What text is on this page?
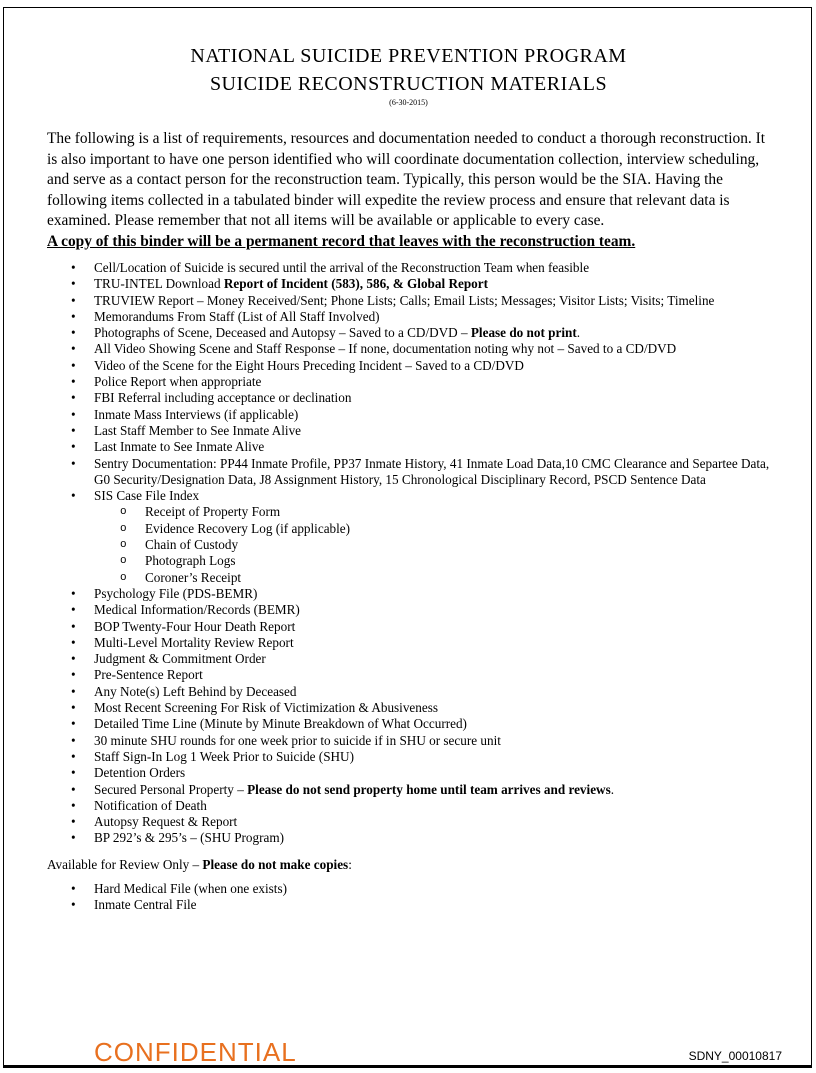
NATIONAL SUICIDE PREVENTION PROGRAM
SUICIDE RECONSTRUCTION MATERIALS
(6-30-2015)

The following is a list of requirements, resources and documentation needed to conduct a thorough reconstruction. It is also important to have one person identified who will coordinate documentation collection, interview scheduling, and serve as a contact person for the reconstruction team. Typically, this person would be the SIA. Having the following items collected in a tabulated binder will expedite the review process and ensure that relevant data is examined. Please remember that not all items will be available or applicable to every case.
A copy of this binder will be a permanent record that leaves with the reconstruction team.

• Cell/Location of Suicide is secured until the arrival of the Reconstruction Team when feasible
• TRU-INTEL Download Report of Incident (583), 586, & Global Report
• TRUVIEW Report – Money Received/Sent; Phone Lists; Calls; Email Lists; Messages; Visitor Lists; Visits; Timeline
• Memorandums From Staff (List of All Staff Involved)
• Photographs of Scene, Deceased and Autopsy – Saved to a CD/DVD – Please do not print.
• All Video Showing Scene and Staff Response – If none, documentation noting why not – Saved to a CD/DVD
• Video of the Scene for the Eight Hours Preceding Incident – Saved to a CD/DVD
• Police Report when appropriate
• FBI Referral including acceptance or declination
• Inmate Mass Interviews (if applicable)
• Last Staff Member to See Inmate Alive
• Last Inmate to See Inmate Alive
• Sentry Documentation: PP44 Inmate Profile, PP37 Inmate History, 41 Inmate Load Data,10 CMC Clearance and Separtee Data, G0 Security/Designation Data, J8 Assignment History, 15 Chronological Disciplinary Record, PSCD Sentence Data
• SIS Case File Index
o Receipt of Property Form
o Evidence Recovery Log (if applicable)
o Chain of Custody
o Photograph Logs
o Coroner’s Receipt
• Psychology File (PDS-BEMR)
• Medical Information/Records (BEMR)
• BOP Twenty-Four Hour Death Report
• Multi-Level Mortality Review Report
• Judgment & Commitment Order
• Pre-Sentence Report
• Any Note(s) Left Behind by Deceased
• Most Recent Screening For Risk of Victimization & Abusiveness
• Detailed Time Line (Minute by Minute Breakdown of What Occurred)
• 30 minute SHU rounds for one week prior to suicide if in SHU or secure unit
• Staff Sign-In Log 1 Week Prior to Suicide (SHU)
• Detention Orders
• Secured Personal Property – Please do not send property home until team arrives and reviews.
• Notification of Death
• Autopsy Request & Report
• BP 292’s & 295’s – (SHU Program)

Available for Review Only – Please do not make copies:

• Hard Medical File (when one exists)
• Inmate Central File
CONFIDENTIAL	SDNY_00010817
